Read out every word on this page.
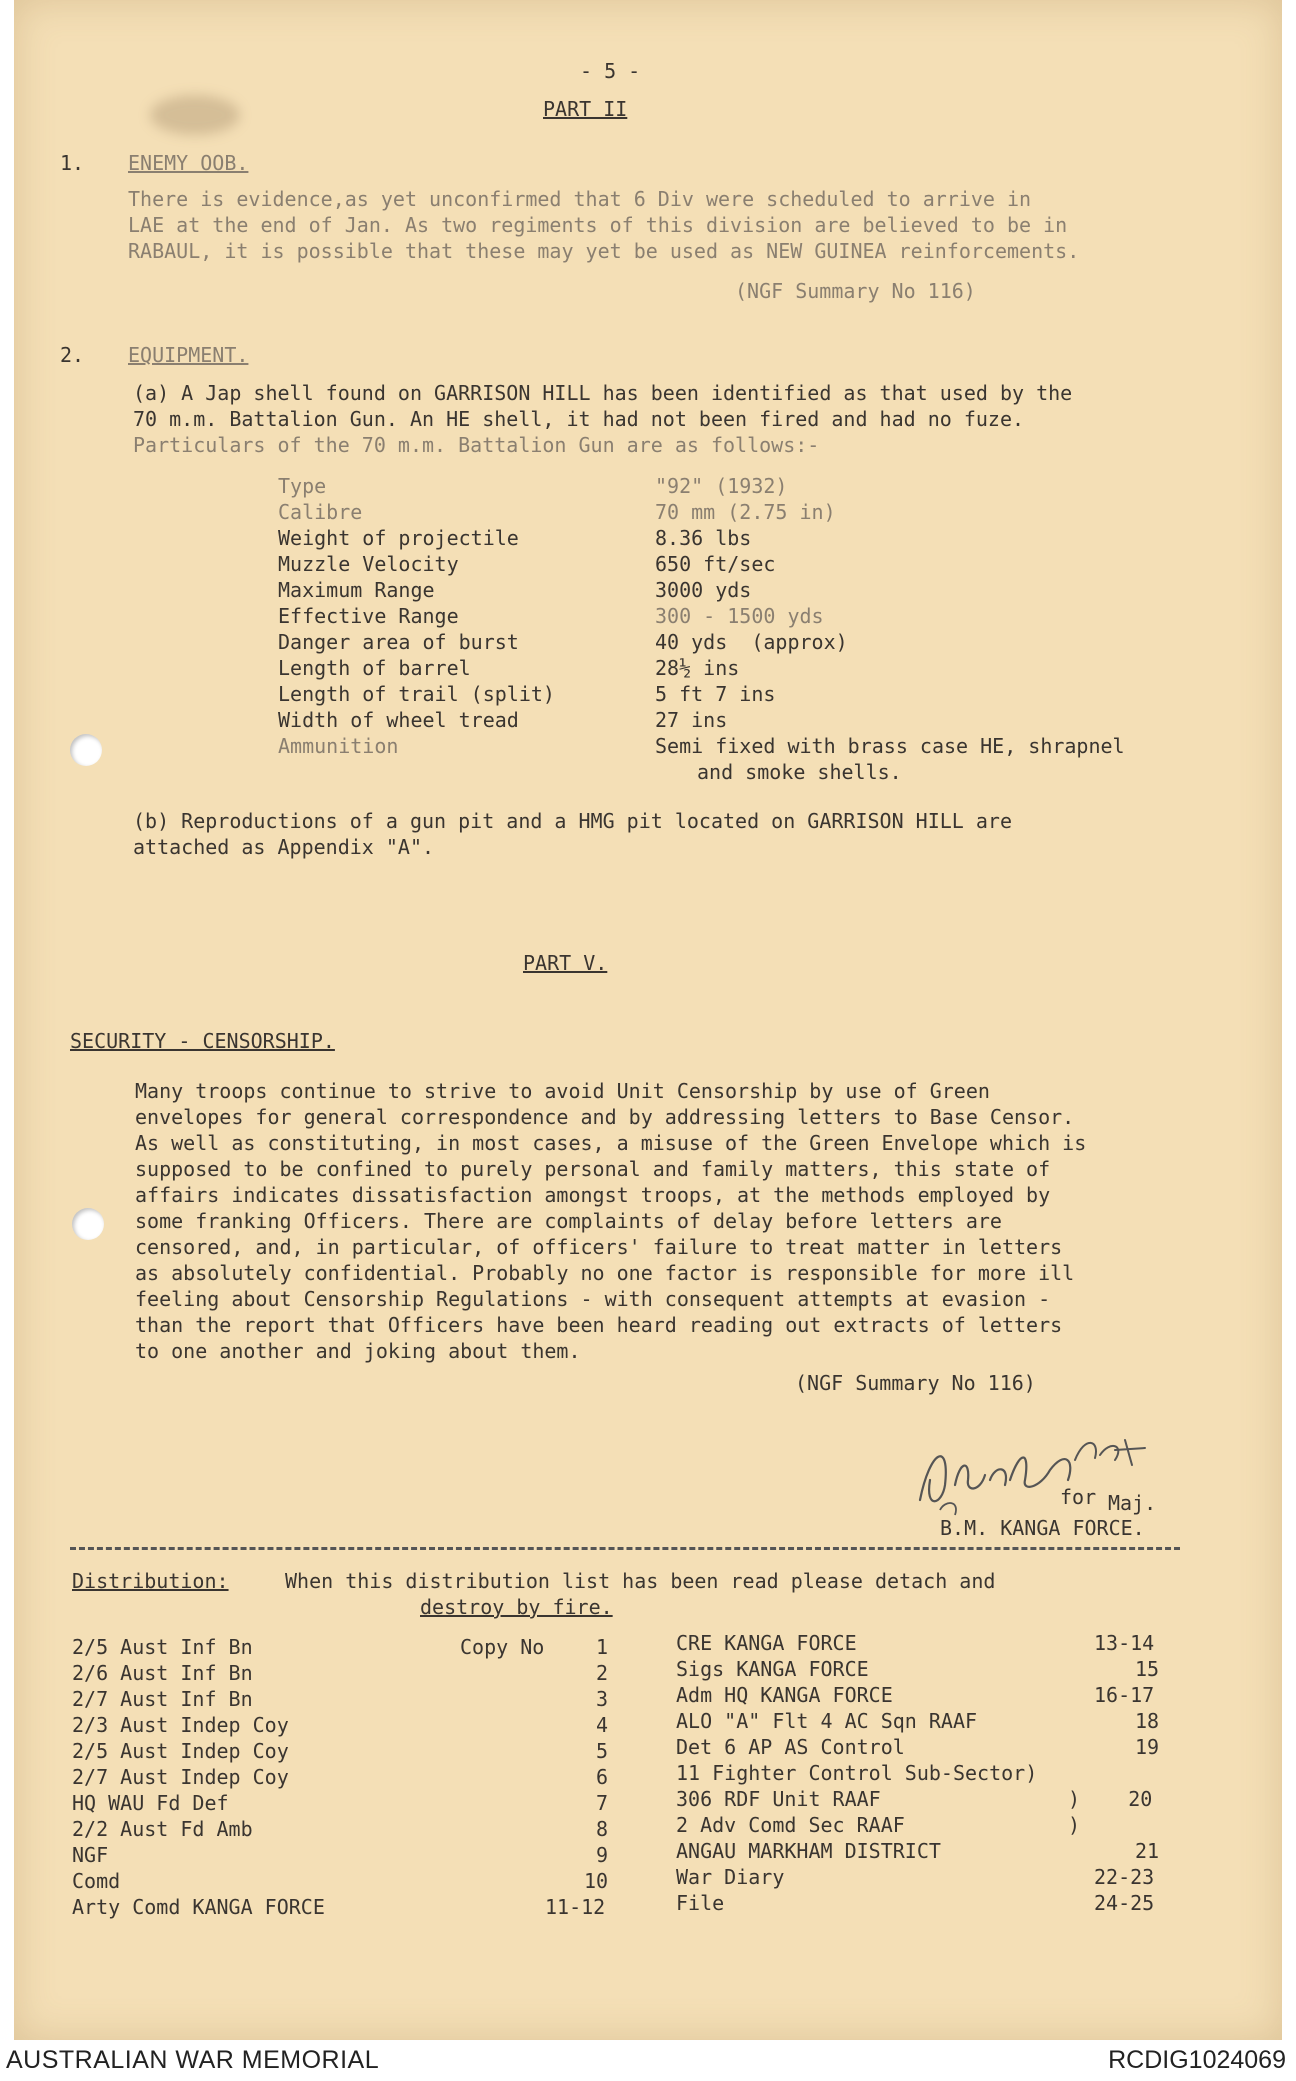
- 5 -
PART II
1. ENEMY OOB.
There is evidence,as yet unconfirmed that 6 Div were scheduled to arrive in
LAE at the end of Jan. As two regiments of this division are believed to be in
RABAUL, it is possible that these may yet be used as NEW GUINEA reinforcements.
(NGF Summary No 116)
2. EQUIPMENT.
(a) A Jap shell found on GARRISON HILL has been identified as that used by the
70 m.m. Battalion Gun. An HE shell, it had not been fired and had no fuze.
Particulars of the 70 m.m. Battalion Gun are as follows:-
Type	"92" (1932)
Calibre	70 mm (2.75 in)
Weight of projectile	8.36 lbs
Muzzle Velocity	650 ft/sec
Maximum Range	3000 yds
Effective Range	300 - 1500 yds
Danger area of burst	40 yds  (approx)
Length of barrel	28½ ins
Length of trail (split)	5 ft 7 ins
Width of wheel tread	27 ins
Ammunition	Semi fixed with brass case HE, shrapnel
and smoke shells.
(b) Reproductions of a gun pit and a HMG pit located on GARRISON HILL are
attached as Appendix "A".
PART V.
SECURITY - CENSORSHIP.
Many troops continue to strive to avoid Unit Censorship by use of Green
envelopes for general correspondence and by addressing letters to Base Censor.
As well as constituting, in most cases, a misuse of the Green Envelope which is
supposed to be confined to purely personal and family matters, this state of
affairs indicates dissatisfaction amongst troops, at the methods employed by
some franking Officers. There are complaints of delay before letters are
censored, and, in particular, of officers' failure to treat matter in letters
as absolutely confidential. Probably no one factor is responsible for more ill
feeling about Censorship Regulations - with consequent attempts at evasion -
than the report that Officers have been heard reading out extracts of letters
to one another and joking about them.
(NGF Summary No 116)
for Maj.
B.M. KANGA FORCE.
Distribution:	When this distribution list has been read please detach and
destroy by fire.
Copy No
2/5 Aust Inf Bn	1
2/6 Aust Inf Bn	2
2/7 Aust Inf Bn	3
2/3 Aust Indep Coy	4
2/5 Aust Indep Coy	5
2/7 Aust Indep Coy	6
HQ WAU Fd Def	7
2/2 Aust Fd Amb	8
NGF	9
Comd	10
Arty Comd KANGA FORCE	11-12
CRE KANGA FORCE	13-14
Sigs KANGA FORCE	15
Adm HQ KANGA FORCE	16-17
ALO "A" Flt 4 AC Sqn RAAF	18
Det 6 AP AS Control	19
11 Fighter Control Sub-Sector)
306 RDF Unit RAAF	)    20
2 Adv Comd Sec RAAF	)
ANGAU MARKHAM DISTRICT	21
War Diary	22-23
File	24-25
AUSTRALIAN WAR MEMORIAL	RCDIG1024069
